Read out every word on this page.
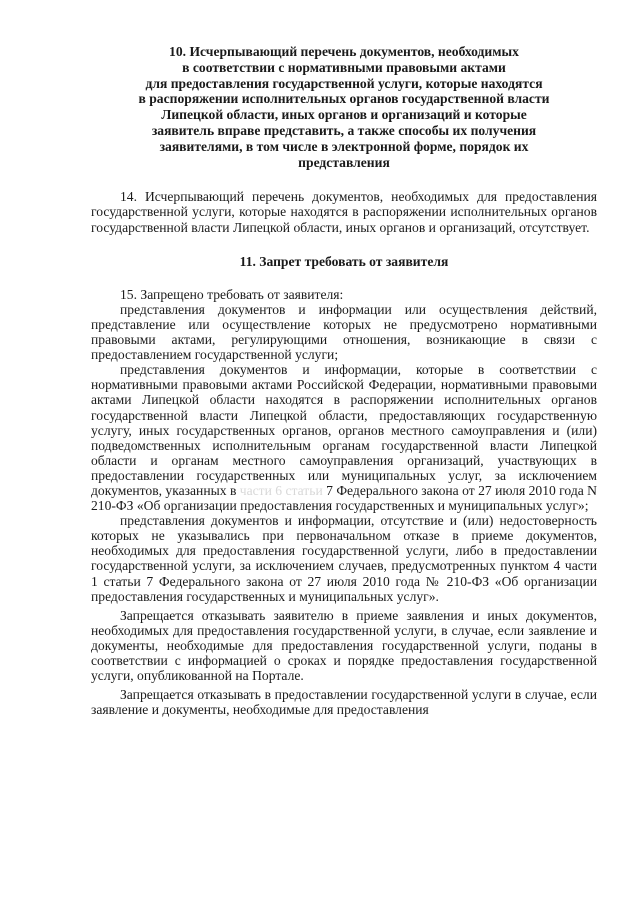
10. Исчерпывающий перечень документов, необходимых
в соответствии с нормативными правовыми актами
для предоставления государственной услуги, которые находятся
в распоряжении исполнительных органов государственной власти
Липецкой области, иных органов и организаций и которые
заявитель вправе представить, а также способы их получения
заявителями, в том числе в электронной форме, порядок их
представления

14. Исчерпывающий перечень документов, необходимых для предоставления государственной услуги, которые находятся в распоряжении исполнительных органов государственной власти Липецкой области, иных органов и организаций, отсутствует.

11. Запрет требовать от заявителя

15. Запрещено требовать от заявителя:

представления документов и информации или осуществления действий, представление или осуществление которых не предусмотрено нормативными правовыми актами, регулирующими отношения, возникающие в связи с предоставлением государственной услуги;

представления документов и информации, которые в соответствии с нормативными правовыми актами Российской Федерации, нормативными правовыми актами Липецкой области находятся в распоряжении исполнительных органов государственной власти Липецкой области, предоставляющих государственную услугу, иных государственных органов, органов местного самоуправления и (или) подведомственных исполнительным органам государственной власти Липецкой области и органам местного самоуправления организаций, участвующих в предоставлении государственных или муниципальных услуг, за исключением документов, указанных в части 6 статьи 7 Федерального закона от 27 июля 2010 года N 210-ФЗ «Об организации предоставления государственных и муниципальных услуг»;

представления документов и информации, отсутствие и (или) недостоверность которых не указывались при первоначальном отказе в приеме документов, необходимых для предоставления государственной услуги, либо в предоставлении государственной услуги, за исключением случаев, предусмотренных пунктом 4 части 1 статьи 7 Федерального закона от 27 июля 2010 года № 210-ФЗ «Об организации предоставления государственных и муниципальных услуг».

Запрещается отказывать заявителю в приеме заявления и иных документов, необходимых для предоставления государственной услуги, в случае, если заявление и документы, необходимые для предоставления государственной услуги, поданы в соответствии с информацией о сроках и порядке предоставления государственной услуги, опубликованной на Портале.

Запрещается отказывать в предоставлении государственной услуги в случае, если заявление и документы, необходимые для предоставления
